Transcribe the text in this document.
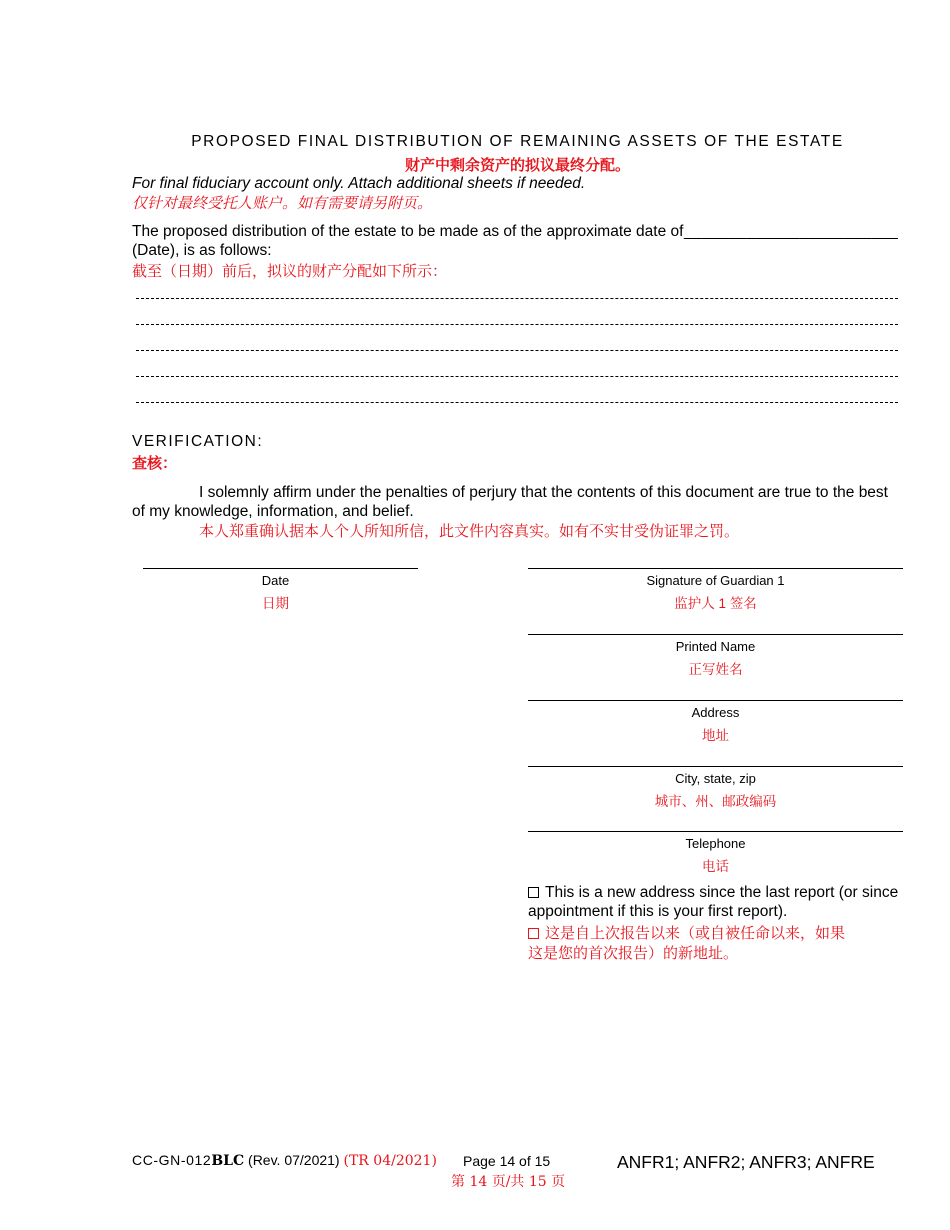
PROPOSED FINAL DISTRIBUTION OF REMAINING ASSETS OF THE ESTATE
财产中剩余资产的拟议最终分配。
For final fiduciary account only. Attach additional sheets if needed.
仅针对最终受托人账户。如有需要请另附页。
The proposed distribution of the estate to be made as of the approximate date of ________________________
(Date), is as follows:
截至（日期）前后，拟议的财产分配如下所示：
VERIFICATION:
查核：
I solemnly affirm under the penalties of perjury that the contents of this document are true to the best
of my knowledge, information, and belief.
本人郑重确认据本人个人所知所信，此文件内容真实。如有不实甘受伪证罪之罚。
Date
日期
Signature of Guardian 1
监护人 1 签名
Printed Name
正写姓名
Address
地址
City, state, zip
城市、州、邮政编码
Telephone
电话
This is a new address since the last report (or since
appointment if this is your first report).
这是自上次报告以来（或自被任命以来，如果
这是您的首次报告）的新地址。
CC-GN-012BLC (Rev. 07/2021) (TR 04/2021) Page 14 of 15
第 14 页/共 15 页
ANFR1; ANFR2; ANFR3; ANFRE
